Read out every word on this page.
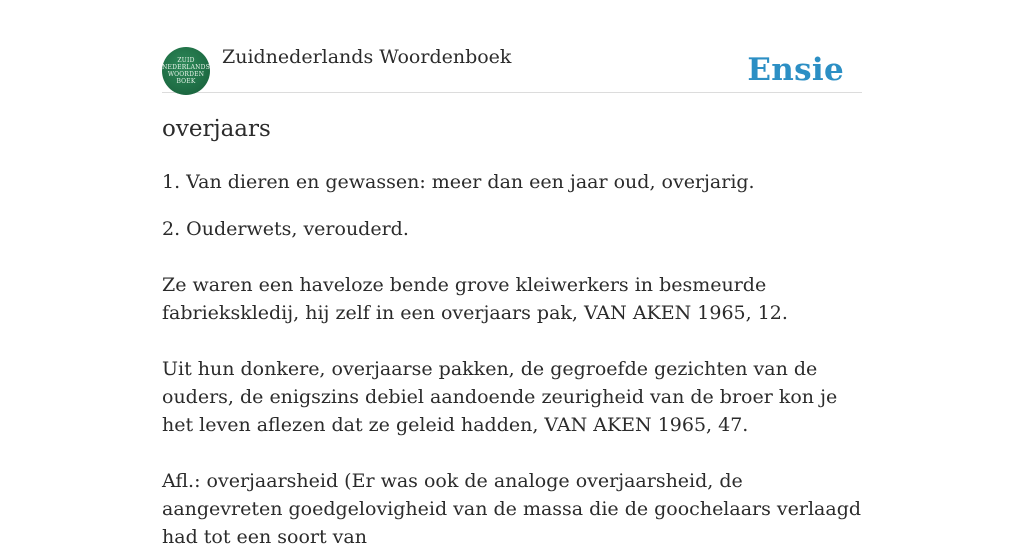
ZUID
NEDERLANDS
WOORDEN
BOEK
Zuidnederlands Woordenboek	Ensie
overjaars

1. Van dieren en gewassen: meer dan een jaar oud, overjarig.

2. Ouderwets, verouderd.

Ze waren een haveloze bende grove kleiwerkers in besmeurde fabriekskledij, hij zelf in een overjaars pak, VAN AKEN 1965, 12.

Uit hun donkere, overjaarse pakken, de gegroefde gezichten van de ouders, de enigszins debiel aandoende zeurigheid van de broer kon je het leven aflezen dat ze geleid hadden, VAN AKEN 1965, 47.

Afl.: overjaarsheid (Er was ook de analoge overjaarsheid, de aangevreten goedgelovigheid van de massa die de goochelaars verlaagd had tot een soort van
